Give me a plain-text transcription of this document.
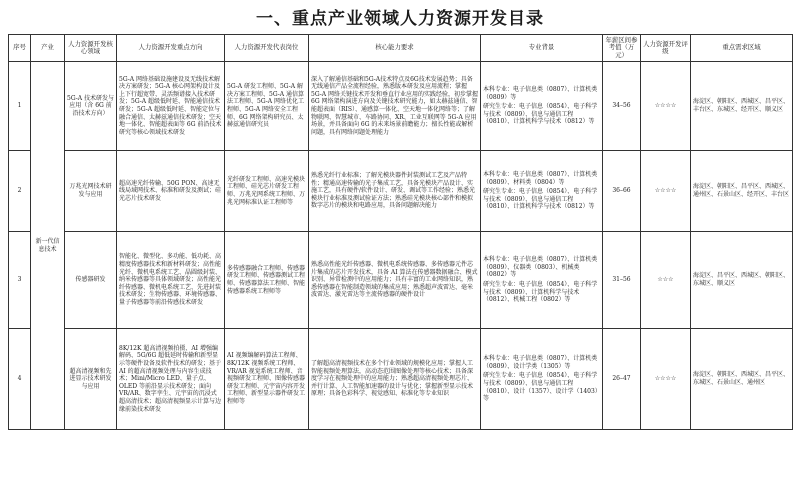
一、重点产业领域人力资源开发目录
序号	产业	人力资源开发核心领域	人力资源开发重点方向	人力资源开发代表岗位	核心能力要求	专业背景	年薪区间参考值（万元）	人力资源开发评级	重点需求区域
1	新一代信息技术	5G-A 技术研发与应用（含 6G 前沿技术方向）	5G-A 网络基础设施建设及无线技术解决方案研发；5G-A 核心网架构设计及上下行超宽带、灵活频谱接入技术研发；5G-A 超级低时延、智能通信技术研发；5G-A 超级低时延、智能定位与融合通信、太赫兹通信技术研发；空天地一体化、智能超表面等 6G 前沿技术研究等核心领域技术研发	5G-A 研发工程师、5G-A 解决方案工程师、5G-A 通信算法工程师、5G-A 网络优化工程师、5G-A 网络安全工程师、6G 网络架构研究员、太赫兹通信研究员	深入了解通信基础和5G-A技术特点及6G技术发展趋势；具备无线通信产品全流程经验，熟悉版本研发及应用流程；掌握 5G-A 网络关键技术开发和垂直行业应用的实践经验，初步掌握 6G 网络架构演进方向及关键技术研究能力，如太赫兹通信、智能超表面（RIS）、通感算一体化、空天地一体化网络等；了解物联网、智慧城市、车路协同、XR、工业互联网等 5G-A 应用场景，并具备面向 6G 的未来场景前瞻能力；擅长性能或解析问题，具有网络问题处理能力	本科专业：电子信息类（0807）、计算机类（0809）等
研究生专业：电子信息（0854）、电子科学与技术（0809）、信息与通信工程（0810）、计算机科学与技术（0812）等	34–56	☆☆☆☆	海淀区、朝阳区、西城区、昌平区、丰台区、东城区、经开区、顺义区
2		万兆光网技术研发与应用	超高速光纤传输、50G PON、高速无线局域网技术、标准和研发及测试；硅光芯片技术研发	光纤研发工程师、高速光模块工程师、硅光芯片研发工程师、万兆光网系统工程师、万兆光网标准认证工程师等	熟悉光纤行业标准；了解光模块器件封装测试工艺及产品特性；精通高速传输的光子集成工艺，具备光模块产品设计、实施工艺，具有硬件/软件设计、研发、调试等工作经验；熟悉光模块行业标准及测试验证方法；熟悉硅光模块核心部件和模拟数字芯片的模块和电路应用，具备问题解决能力	本科专业：电子信息类（0807）、计算机类（0809）、材料类（0804）等
研究生专业：电子信息（0854）、电子科学与技术（0809）、信息与通信工程（0810）、计算机科学与技术（0812）等	36–66	☆☆☆☆	海淀区、朝阳区、昌平区、西城区、通州区、石景山区、经开区、丰台区
3		传感器研发	智能化、微型化、多功能、低功耗、高精度传感器技术和新材料研发；高性能光纤、微机电系统工艺、晶圆级封装、纳米传感器等具体领域研发；高性能光纤传感器、微机电系统工艺、先进封装技术研发；生物传感器、环境传感器、量子传感器等前沿传感技术研发	多传感器融合工程师、传感器研发工程师、传感器测试工程师、传感器算法工程师、智能传感器系统工程师等	熟悉高性能光纤传感器、微机电系统传感器、多传感器元件芯片集成的芯片开发技术，具备 AI 算法在传感器数据融合、模式识别、异常检测中的应用能力；具有丰富的工业网络知识，熟悉传感器在智能制造领域的集成应用；熟悉超声波雷达、毫米波雷达、激光雷达等主流传感器的硬件设计	本科专业：电子信息类（0807）、计算机类（0809）、仪器类（0803）、机械类（0802）等
研究生专业：电子信息（0854）、电子科学与技术（0809）、计算机科学与技术（0812）、机械工程（0802）等	31–56	☆☆☆	海淀区、昌平区、西城区、朝阳区、东城区、顺义区
4		超高清视频和先进显示技术研发与应用	8K/12K 超高清视频拍摄、AI 增强编解码、5G/6G 超低延时传输和新型显示等硬件设备及软件技术的研发；基于 AI 的超高清视频处理与内容生成技术；Mini/Micro LED、量子点、OLED 等前沿显示技术研发；面向 VR/AR、数字孪生、元宇宙的沉浸式超高清技术；超高清视频显示计算与边缘前染技术研发	AI 视频编解码算法工程师、8K/12K 视频系统工程师、VR/AR 视觉系统工程师、音视频研发工程师、图像传感器研发工程师、元宇宙内容开发工程师、新型显示器件研发工程师等	了解超高清视频技术在多个行业领域的规模化应用；掌握人工智能视频处理算法，高动态范围图像处理等核心技术；具备深度学习在视频处理中的应用能力；熟悉超高清视频处理芯片、并行计算、人工智能加速器的设计与优化；掌握新型显示技术原理；具备色彩科学、视觉感知、标准化等专业知识	本科专业：电子信息类（0807）、计算机类（0809）、设计学类（1305）等
研究生专业：电子信息（0854）、电子科学与技术（0809）、信息与通信工程（0810）、设计（1357）、设计学（1403）等	26–47	☆☆☆☆	海淀区、朝阳区、西城区、昌平区、东城区、石景山区、通州区
